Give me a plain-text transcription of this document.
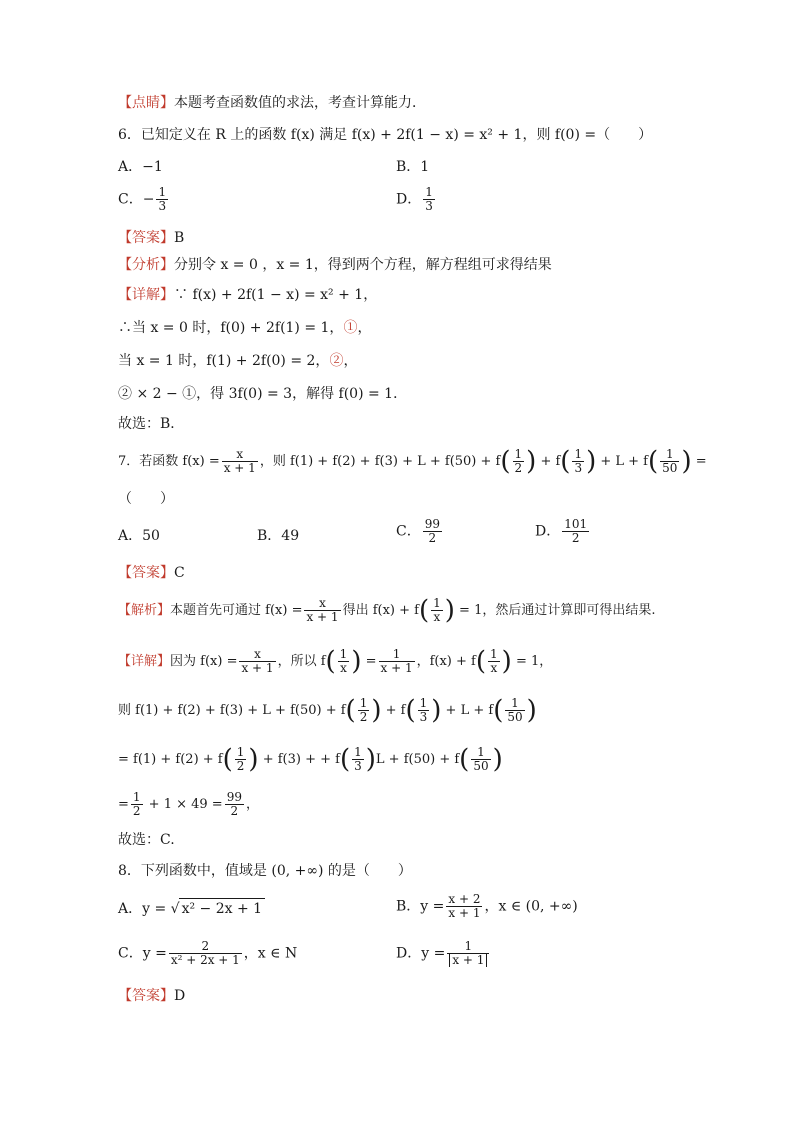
【点睛】本题考查函数值的求法，考查计算能力．
6．已知定义在 R 上的函数 f(x) 满足 f(x) + 2f(1 − x) = x² + 1，则 f(0) =（　　）
A．−1	B．1
C．− $\frac{1}{3}$	D． $\frac{1}{3}$
【答案】B
【分析】分别令 x = 0 ，x = 1，得到两个方程，解方程组可求得结果
【详解】∵ f(x) + 2f(1 − x) = x² + 1，
∴当 x = 0 时，f(0) + 2f(1) = 1，①，
当 x = 1 时，f(1) + 2f(0) = 2，②，
② × 2 − ①，得 3f(0) = 3，解得 f(0) = 1．
故选：B．
7．若函数 $f(x) = \frac{x}{x + 1}$ ，则 $f(1) + f(2) + f(3) + L + f(50) + f( \frac{1}{2}$ ) + $f( \frac{1}{3}$ ) + $L + f( \frac{1}{50}$ ) =
（　　）
A．50	B．49	C． $\frac{99}{2}$	D． $\frac{101}{2}$
【答案】C
【解析】本题首先可通过 $f(x) = \frac{x}{x + 1}$ 得出 $f(x) + f( \frac{1}{x}$ ) = 1，然后通过计算即可得出结果.
【详解】因为 $f(x) = \frac{x}{x + 1}$ ，所以 $f( \frac{1}{x}$ ) = $\frac{1}{x + 1}$ ，$f(x) + f( \frac{1}{x}$ ) = 1，
则 $f(1) + f(2) + f(3) + L + f(50) + f( \frac{1}{2}$ ) + $f( \frac{1}{3}$ ) + $L + f( \frac{1}{50}$ )
= $f(1) + f(2) + f( \frac{1}{2}$ ) + f(3) + + $f( \frac{1}{3} )L + f(50) + f( \frac{1}{50}$ )
= $\frac{1}{2} + 1 \times 49 = \frac{99}{2}$ ，
故选：C.
8．下列函数中，值域是 (0, +∞) 的是（　　）
A．y = √ x² − 2x + 1	B．$y = \frac{x + 2}{x + 1}$ ，x ∈ (0, +∞)
C．$y = \frac{2}{\text{x² + 2x + 1}}$ ，x ∈ N	D．$y = \frac{1}{x + 1}$
【答案】D
